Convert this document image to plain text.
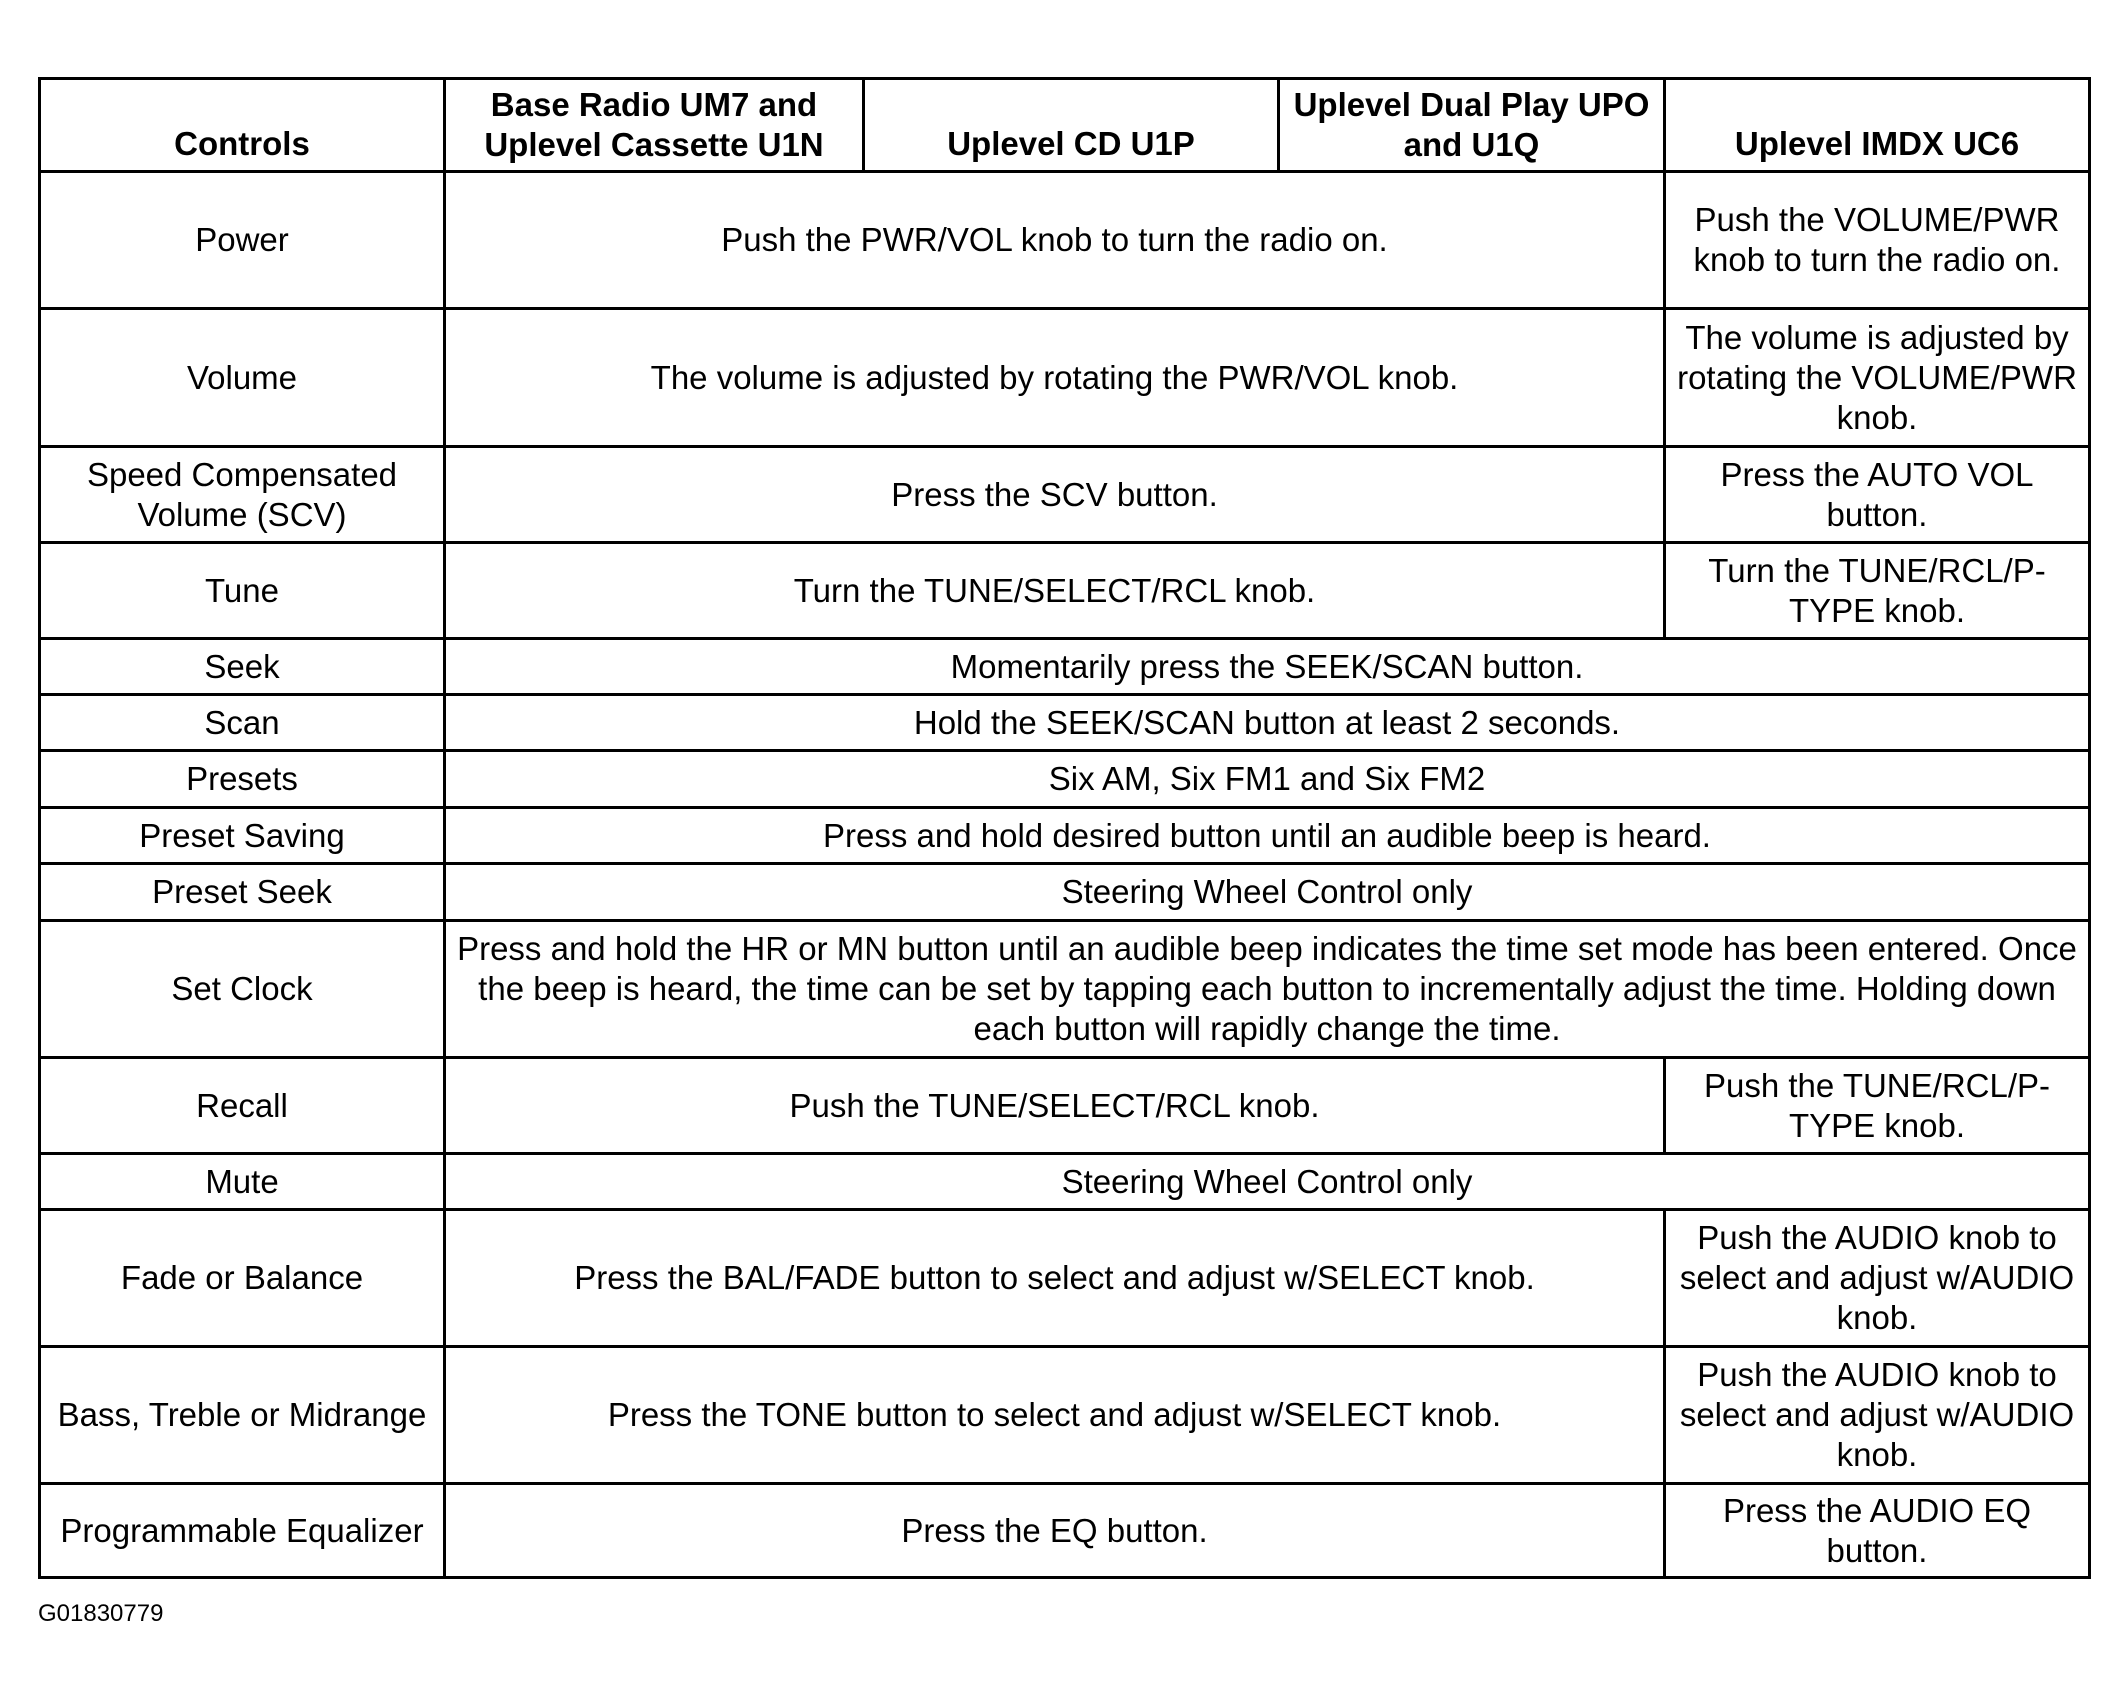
Controls	Base Radio UM7 and Uplevel Cassette U1N	Uplevel CD U1P	Uplevel Dual Play UPO and U1Q	Uplevel IMDX UC6
Power	Push the PWR/VOL knob to turn the radio on.			Push the VOLUME/PWR knob to turn the radio on.
Volume	The volume is adjusted by rotating the PWR/VOL knob.			The volume is adjusted by rotating the VOLUME/PWR knob.
Speed Compensated Volume (SCV)	Press the SCV button.			Press the AUTO VOL button.
Tune	Turn the TUNE/SELECT/RCL knob.			Turn the TUNE/RCL/P-TYPE knob.
Seek	Momentarily press the SEEK/SCAN button.			
Scan	Hold the SEEK/SCAN button at least 2 seconds.			
Presets	Six AM, Six FM1 and Six FM2			
Preset Saving	Press and hold desired button until an audible beep is heard.			
Preset Seek	Steering Wheel Control only			
Set Clock	Press and hold the HR or MN button until an audible beep indicates the time set mode has been entered. Once the beep is heard, the time can be set by tapping each button to incrementally adjust the time. Holding down each button will rapidly change the time.			
Recall	Push the TUNE/SELECT/RCL knob.			Push the TUNE/RCL/P-TYPE knob.
Mute	Steering Wheel Control only			
Fade or Balance	Press the BAL/FADE button to select and adjust w/SELECT knob.			Push the AUDIO knob to select and adjust w/AUDIO knob.
Bass, Treble or Midrange	Press the TONE button to select and adjust w/SELECT knob.			Push the AUDIO knob to select and adjust w/AUDIO knob.
Programmable Equalizer	Press the EQ button.			Press the AUDIO EQ button.
G01830779
